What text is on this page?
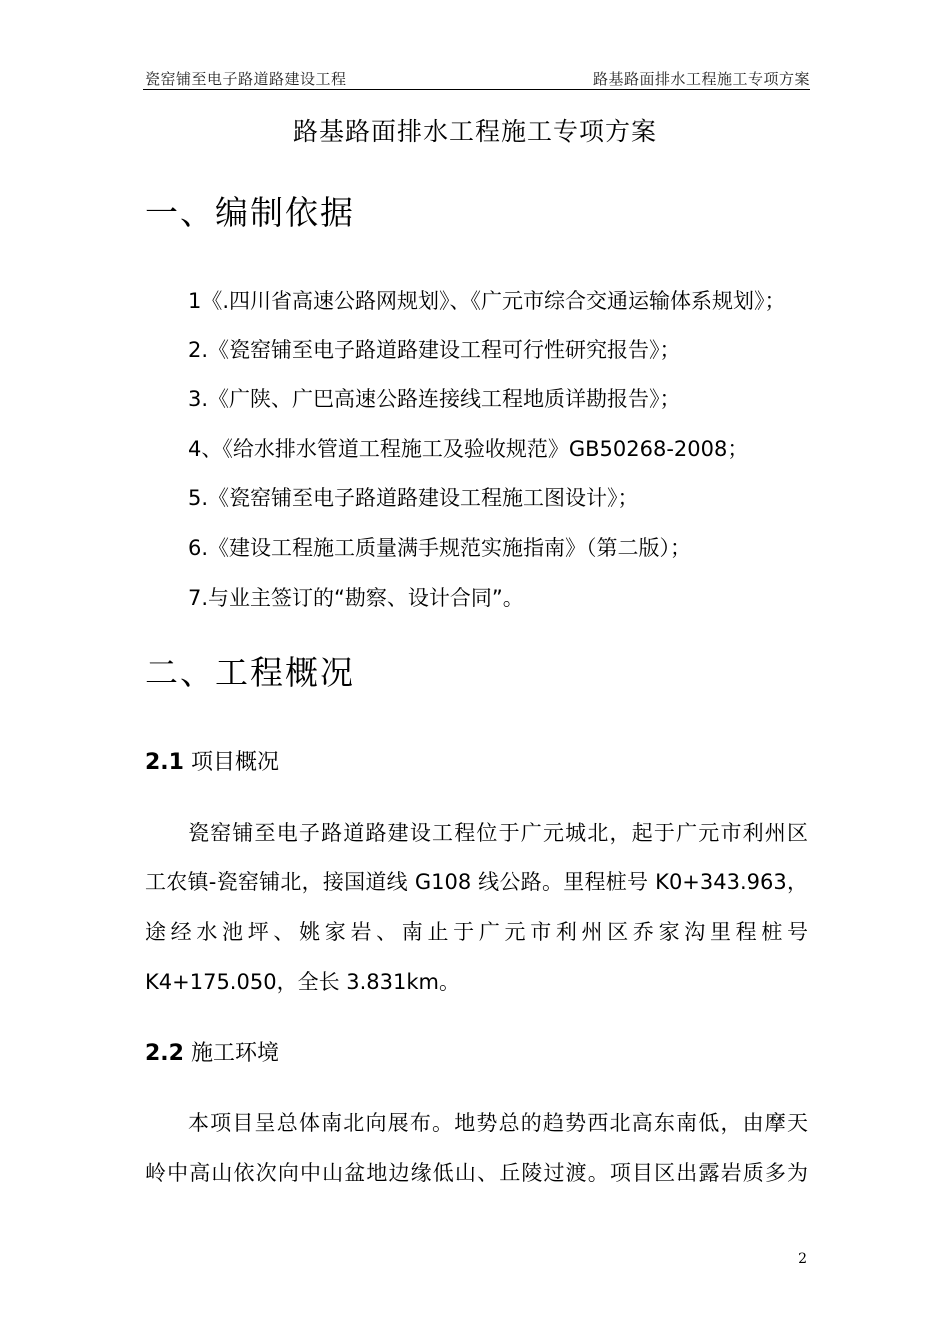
瓷窑铺至电子路道路建设工程	路基路面排水工程施工专项方案
路基路面排水工程施工专项方案
一、编制依据
1《.四川省高速公路网规划》、《广元市综合交通运输体系规划》；
2.《瓷窑铺至电子路道路建设工程可行性研究报告》；
3.《广陕、广巴高速公路连接线工程地质详勘报告》；
4、《给水排水管道工程施工及验收规范》GB50268-2008；
5.《瓷窑铺至电子路道路建设工程施工图设计》；
6.《建设工程施工质量满手规范实施指南》（第二版）；
7.与业主签订的“勘察、设计合同”。
二、工程概况
2.1 项目概况
瓷窑铺至电子路道路建设工程位于广元城北，起于广元市利州区
工农镇-瓷窑铺北，接国道线 G108 线公路。里程桩号 K0+343.963，
途经水池坪、姚家岩、南止于广元市利州区乔家沟里程桩号
K4+175.050，全长 3.831km。
2.2 施工环境
本项目呈总体南北向展布。地势总的趋势西北高东南低，由摩天
岭中高山依次向中山盆地边缘低山、丘陵过渡。项目区出露岩质多为
2
